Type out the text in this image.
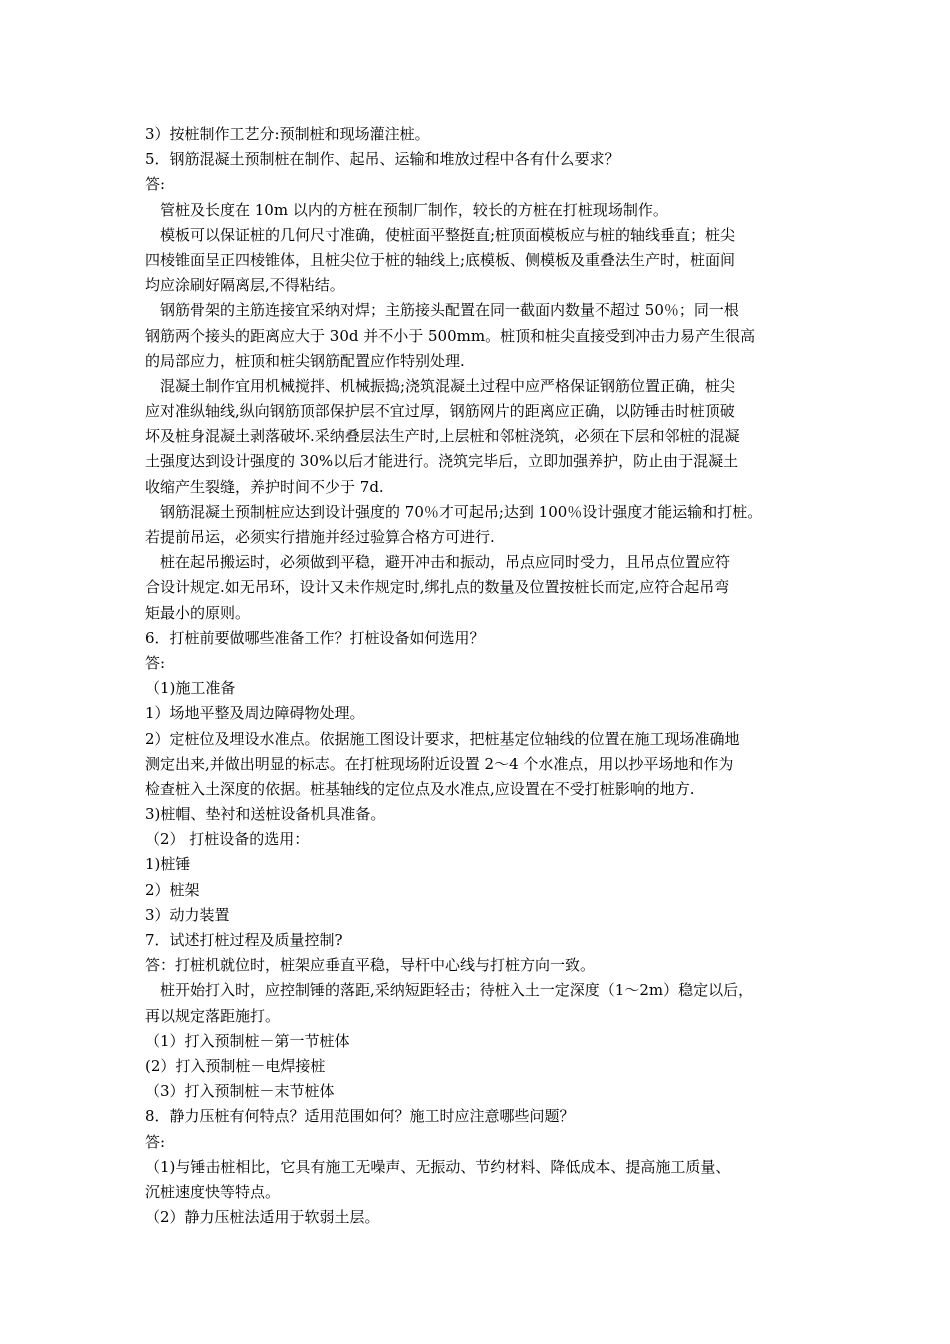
3）按桩制作工艺分:预制桩和现场灌注桩。
5．钢筋混凝土预制桩在制作、起吊、运输和堆放过程中各有什么要求？
答:
管桩及长度在 10m 以内的方桩在预制厂制作，较长的方桩在打桩现场制作。
模板可以保证桩的几何尺寸准确，使桩面平整挺直;桩顶面模板应与桩的轴线垂直；桩尖
四棱锥面呈正四棱锥体，且桩尖位于桩的轴线上;底模板、侧模板及重叠法生产时，桩面间
均应涂刷好隔离层,不得粘结。
钢筋骨架的主筋连接宜采纳对焊；主筋接头配置在同一截面内数量不超过 50％；同一根
钢筋两个接头的距离应大于 30d 并不小于 500mm。桩顶和桩尖直接受到冲击力易产生很高
的局部应力，桩顶和桩尖钢筋配置应作特别处理.
混凝土制作宜用机械搅拌、机械振捣;浇筑混凝土过程中应严格保证钢筋位置正确，桩尖
应对准纵轴线,纵向钢筋顶部保护层不宜过厚，钢筋网片的距离应正确，以防锤击时桩顶破
坏及桩身混凝土剥落破坏.采纳叠层法生产时,上层桩和邻桩浇筑，必须在下层和邻桩的混凝
土强度达到设计强度的 30%以后才能进行。浇筑完毕后，立即加强养护，防止由于混凝土
收缩产生裂缝，养护时间不少于 7d.
钢筋混凝土预制桩应达到设计强度的 70％才可起吊;达到 100％设计强度才能运输和打桩。
若提前吊运，必须实行措施并经过验算合格方可进行.
桩在起吊搬运时，必须做到平稳，避开冲击和振动，吊点应同时受力，且吊点位置应符
合设计规定.如无吊环，设计又未作规定时,绑扎点的数量及位置按桩长而定,应符合起吊弯
矩最小的原则。
6．打桩前要做哪些准备工作？打桩设备如何选用？
答:
（1)施工准备
1）场地平整及周边障碍物处理。
2）定桩位及埋设水准点。依据施工图设计要求，把桩基定位轴线的位置在施工现场准确地
测定出来,并做出明显的标志。在打桩现场附近设置 2～4 个水准点，用以抄平场地和作为
检查桩入土深度的依据。桩基轴线的定位点及水准点,应设置在不受打桩影响的地方.
3)桩帽、垫衬和送桩设备机具准备。
（2） 打桩设备的选用：
1)桩锤
2）桩架
3）动力装置
7．试述打桩过程及质量控制?
答：打桩机就位时，桩架应垂直平稳，导杆中心线与打桩方向一致。
桩开始打入时，应控制锤的落距,采纳短距轻击；待桩入土一定深度（1～2m）稳定以后，
再以规定落距施打。
（1）打入预制桩－第一节桩体
(2）打入预制桩－电焊接桩
（3）打入预制桩－末节桩体
8．静力压桩有何特点？适用范围如何？施工时应注意哪些问题？
答:
（1)与锤击桩相比，它具有施工无噪声、无振动、节约材料、降低成本、提高施工质量、
沉桩速度快等特点。
（2）静力压桩法适用于软弱土层。
